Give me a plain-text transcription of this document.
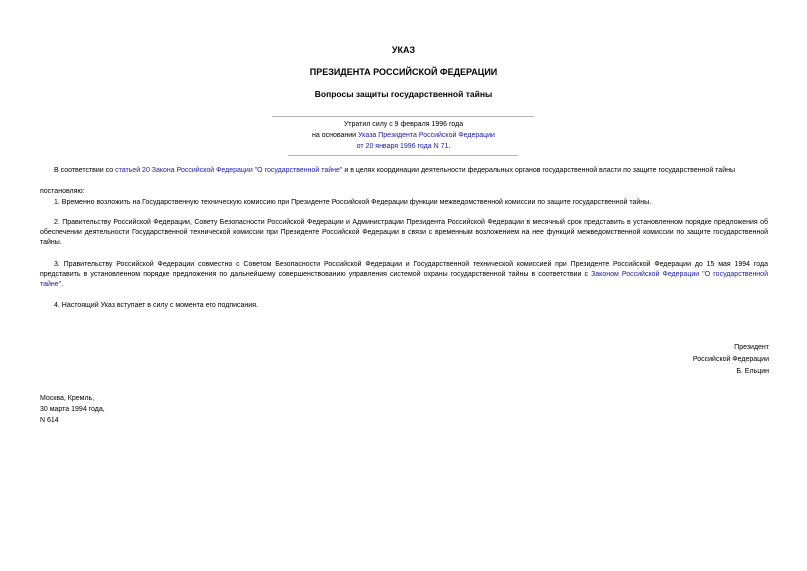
УКАЗ
ПРЕЗИДЕНТА РОССИЙСКОЙ ФЕДЕРАЦИИ
Вопросы защиты государственной тайны
Утратил силу с 9 февраля 1996 года
на основании Указа Президента Российской Федерации
от 20 января 1996 года N 71.
В соответствии со статьей 20 Закона Российской Федерации "О государственной тайне" и в целях координации деятельности федеральных органов государственной власти по защите государственной тайны
постановляю:
1. Временно возложить на Государственную техническую комиссию при Президенте Российской Федерации функции межведомственной комиссии по защите государственной тайны.
2. Правительству Российской Федерации, Совету Безопасности Российской Федерации и Администрации Президента Российской Федерации в месячный срок представить в установленном порядке предложения об обеспечении деятельности Государственной технической комиссии при Президенте Российской Федерации в связи с временным возложением на нее функций межведомственной комиссии по защите государственной тайны.
3. Правительству Российской Федерации совместно с Советом Безопасности Российской Федерации и Государственной технической комиссией при Президенте Российской Федерации до 15 мая 1994 года представить в установленном порядке предложения по дальнейшему совершенствованию управления системой охраны государственной тайны в соответствии с Законом Российской Федерации "О государственной тайне".
4. Настоящий Указ вступает в силу с момента его подписания.
Президент
Российской Федерации
Б. Ельцин
Москва, Кремль,
30 марта 1994 года,
N 614
